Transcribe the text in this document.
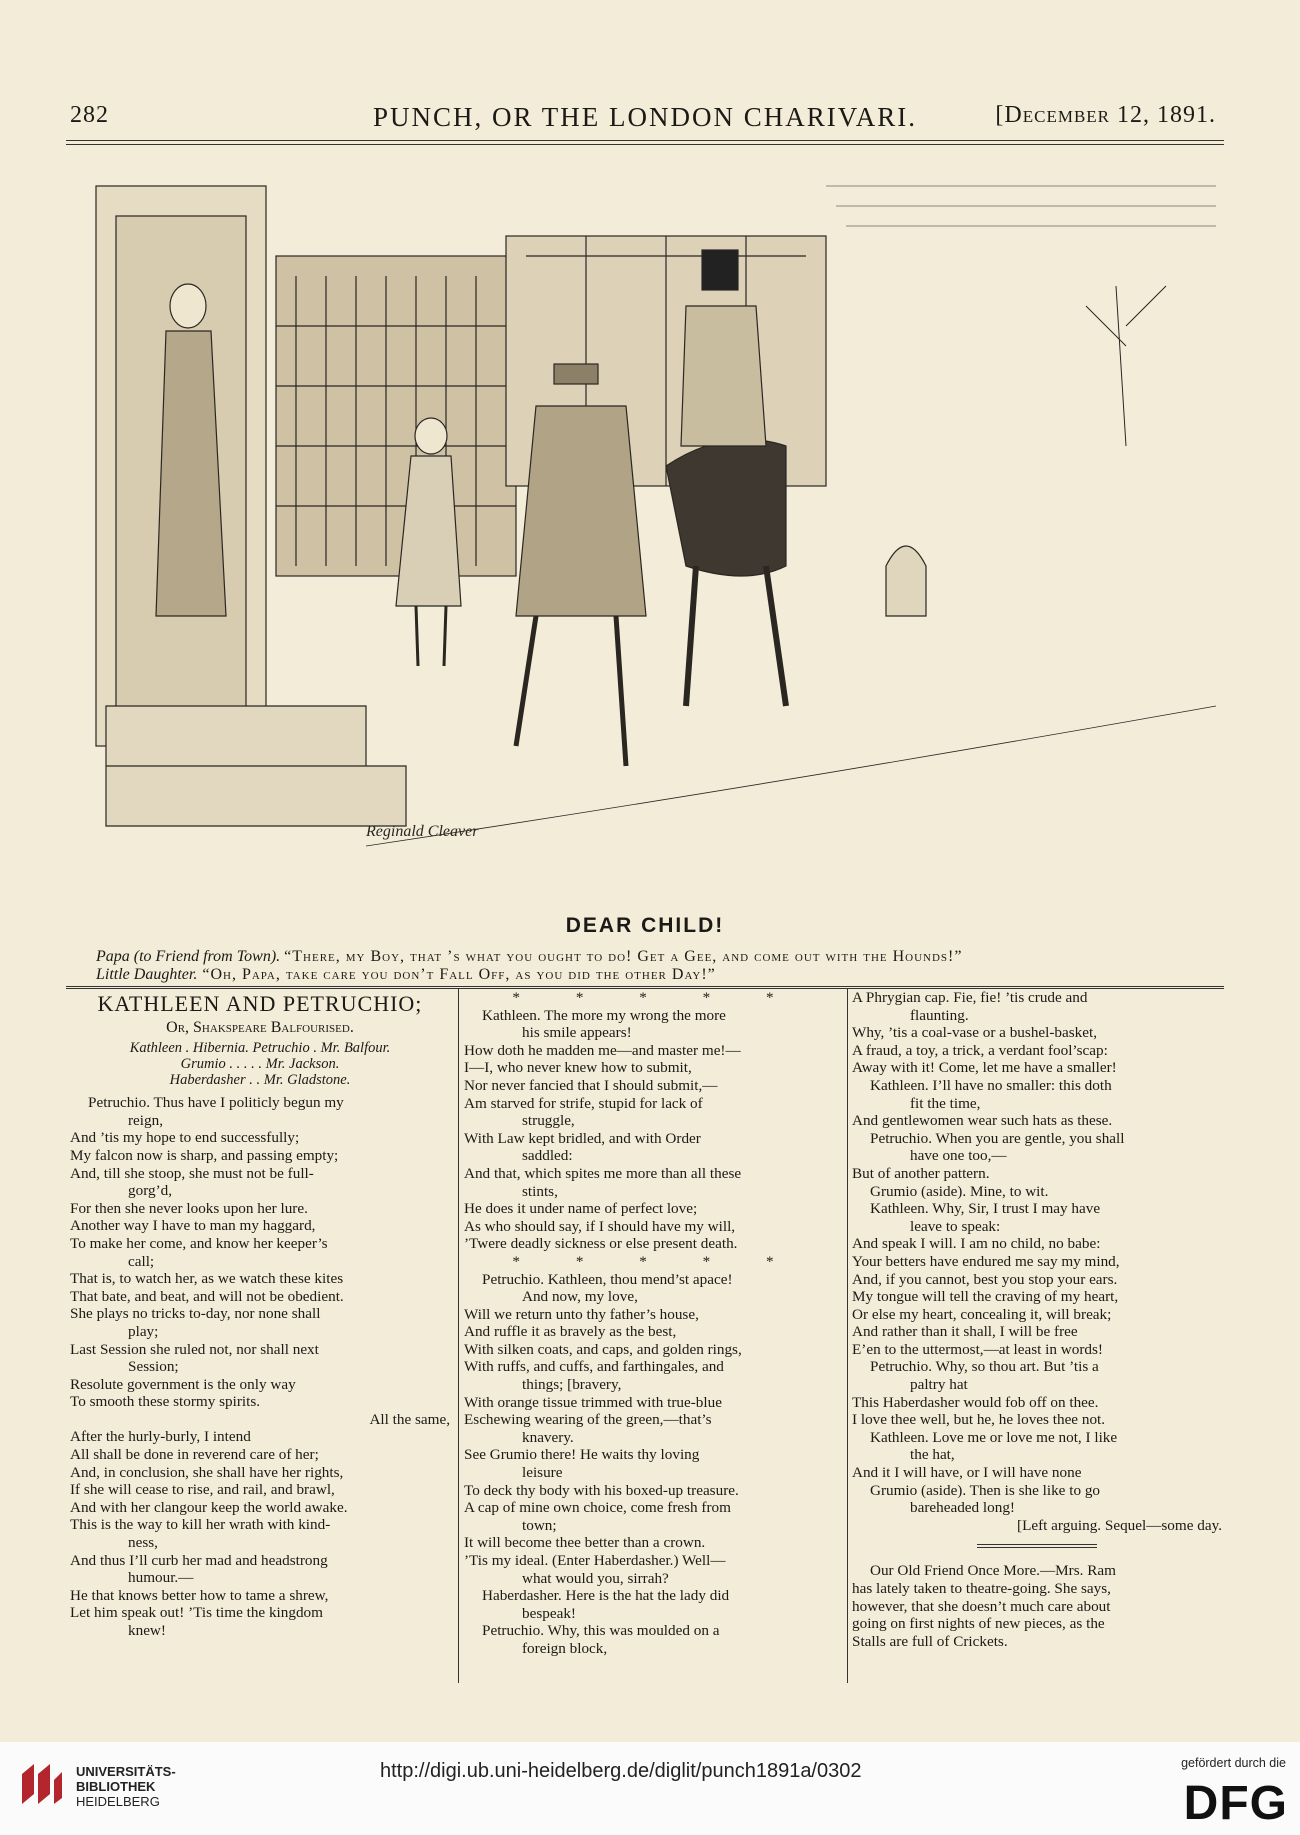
282	PUNCH, OR THE LONDON CHARIVARI.	[December 12, 1891.
Reginald Cleaver
DEAR CHILD!
Papa (to Friend from Town). “There, my Boy, that ’s what you ought to do! Get a Gee, and come out with the Hounds!”
Little Daughter. “Oh, Papa, take care you don’t Fall Off, as you did the other Day!”
KATHLEEN AND PETRUCHIO;
Or, Shakspeare Balfourised.
Kathleen . Hibernia. Petruchio . Mr. Balfour.
Grumio . . . . . Mr. Jackson.
Haberdasher . . Mr. Gladstone.
Petruchio. Thus have I politicly begun my
reign,
And ’tis my hope to end successfully;
My falcon now is sharp, and passing empty;
And, till she stoop, she must not be full-
gorg’d,
For then she never looks upon her lure.
Another way I have to man my haggard,
To make her come, and know her keeper’s
call;
That is, to watch her, as we watch these kites
That bate, and beat, and will not be obedient.
She plays no tricks to-day, nor none shall
play;
Last Session she ruled not, nor shall next
Session;
Resolute government is the only way
To smooth these stormy spirits.
All the same,
After the hurly-burly, I intend
All shall be done in reverend care of her;
And, in conclusion, she shall have her rights,
If she will cease to rise, and rail, and brawl,
And with her clangour keep the world awake.
This is the way to kill her wrath with kind-
ness,
And thus I’ll curb her mad and headstrong
humour.—
He that knows better how to tame a shrew,
Let him speak out! ’Tis time the kingdom
knew!
* * * * *
Kathleen. The more my wrong the more
his smile appears!
How doth he madden me—and master me!—
I—I, who never knew how to submit,
Nor never fancied that I should submit,—
Am starved for strife, stupid for lack of
struggle,
With Law kept bridled, and with Order
saddled:
And that, which spites me more than all these
stints,
He does it under name of perfect love;
As who should say, if I should have my will,
’Twere deadly sickness or else present death.
* * * * *
Petruchio. Kathleen, thou mend’st apace!
And now, my love,
Will we return unto thy father’s house,
And ruffle it as bravely as the best,
With silken coats, and caps, and golden rings,
With ruffs, and cuffs, and farthingales, and
things; [bravery,
With orange tissue trimmed with true-blue
Eschewing wearing of the green,—that’s
knavery.
See Grumio there! He waits thy loving
leisure
To deck thy body with his boxed-up treasure.
A cap of mine own choice, come fresh from
town;
It will become thee better than a crown.
’Tis my ideal. (Enter Haberdasher.) Well—
what would you, sirrah?
Haberdasher. Here is the hat the lady did
bespeak!
Petruchio. Why, this was moulded on a
foreign block,
A Phrygian cap. Fie, fie! ’tis crude and
flaunting.
Why, ’tis a coal-vase or a bushel-basket,
A fraud, a toy, a trick, a verdant fool’scap:
Away with it! Come, let me have a smaller!
Kathleen. I’ll have no smaller: this doth
fit the time,
And gentlewomen wear such hats as these.
Petruchio. When you are gentle, you shall
have one too,—
But of another pattern.
Grumio (aside). Mine, to wit.
Kathleen. Why, Sir, I trust I may have
leave to speak:
And speak I will. I am no child, no babe:
Your betters have endured me say my mind,
And, if you cannot, best you stop your ears.
My tongue will tell the craving of my heart,
Or else my heart, concealing it, will break;
And rather than it shall, I will be free
E’en to the uttermost,—at least in words!
Petruchio. Why, so thou art. But ’tis a
paltry hat
This Haberdasher would fob off on thee.
I love thee well, but he, he loves thee not.
Kathleen. Love me or love me not, I like
the hat,
And it I will have, or I will have none
Grumio (aside). Then is she like to go
bareheaded long!
[Left arguing. Sequel—some day.
Our Old Friend Once More.—Mrs. Ram
has lately taken to theatre-going. She says,
however, that she doesn’t much care about
going on first nights of new pieces, as the
Stalls are full of Crickets.
UNIVERSITÄTS-
BIBLIOTHEK
HEIDELBERG
http://digi.ub.uni-heidelberg.de/diglit/punch1891a/0302	gefördert durch die
DFG
